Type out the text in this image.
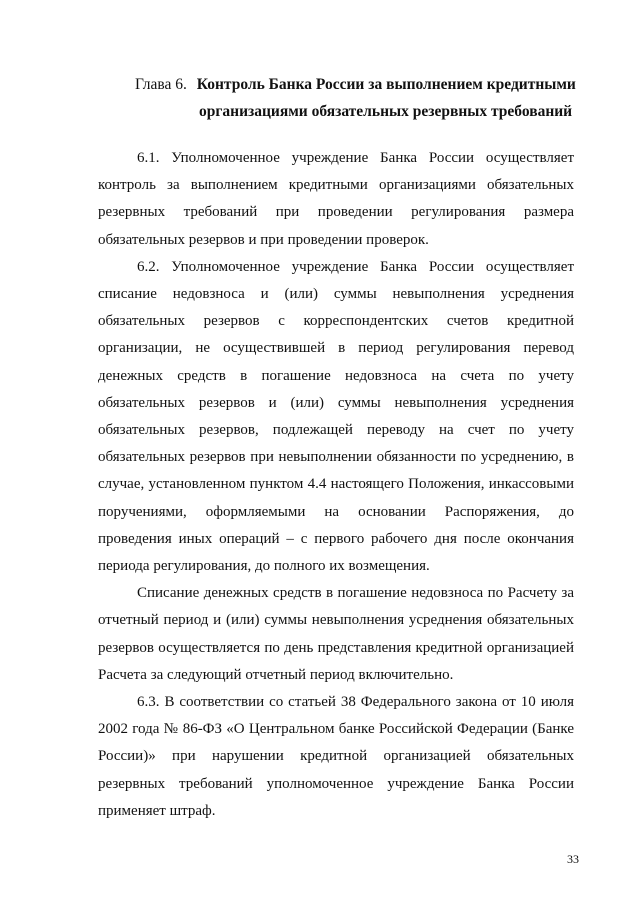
Глава 6. Контроль Банка России за выполнением кредитными
организациями обязательных резервных требований

6.1. Уполномоченное учреждение Банка России осуществляет контроль за выполнением кредитными организациями обязательных резервных требований при проведении регулирования размера обязательных резервов и при проведении проверок.

6.2. Уполномоченное учреждение Банка России осуществляет списание недовзноса и (или) суммы невыполнения усреднения обязательных резервов с корреспондентских счетов кредитной организации, не осуществившей в период регулирования перевод денежных средств в погашение недовзноса на счета по учету обязательных резервов и (или) суммы невыполнения усреднения обязательных резервов, подлежащей переводу на счет по учету обязательных резервов при невыполнении обязанности по усреднению, в случае, установленном пунктом 4.4 настоящего Положения, инкассовыми поручениями, оформляемыми на основании Распоряжения, до проведения иных операций – с первого рабочего дня после окончания периода регулирования, до полного их возмещения.

Списание денежных средств в погашение недовзноса по Расчету за отчетный период и (или) суммы невыполнения усреднения обязательных резервов осуществляется по день представления кредитной организацией Расчета за следующий отчетный период включительно.

6.3. В соответствии со статьей 38 Федерального закона от 10 июля 2002 года № 86-ФЗ «О Центральном банке Российской Федерации (Банке России)» при нарушении кредитной организацией обязательных резервных требований уполномоченное учреждение Банка России применяет штраф.

33
